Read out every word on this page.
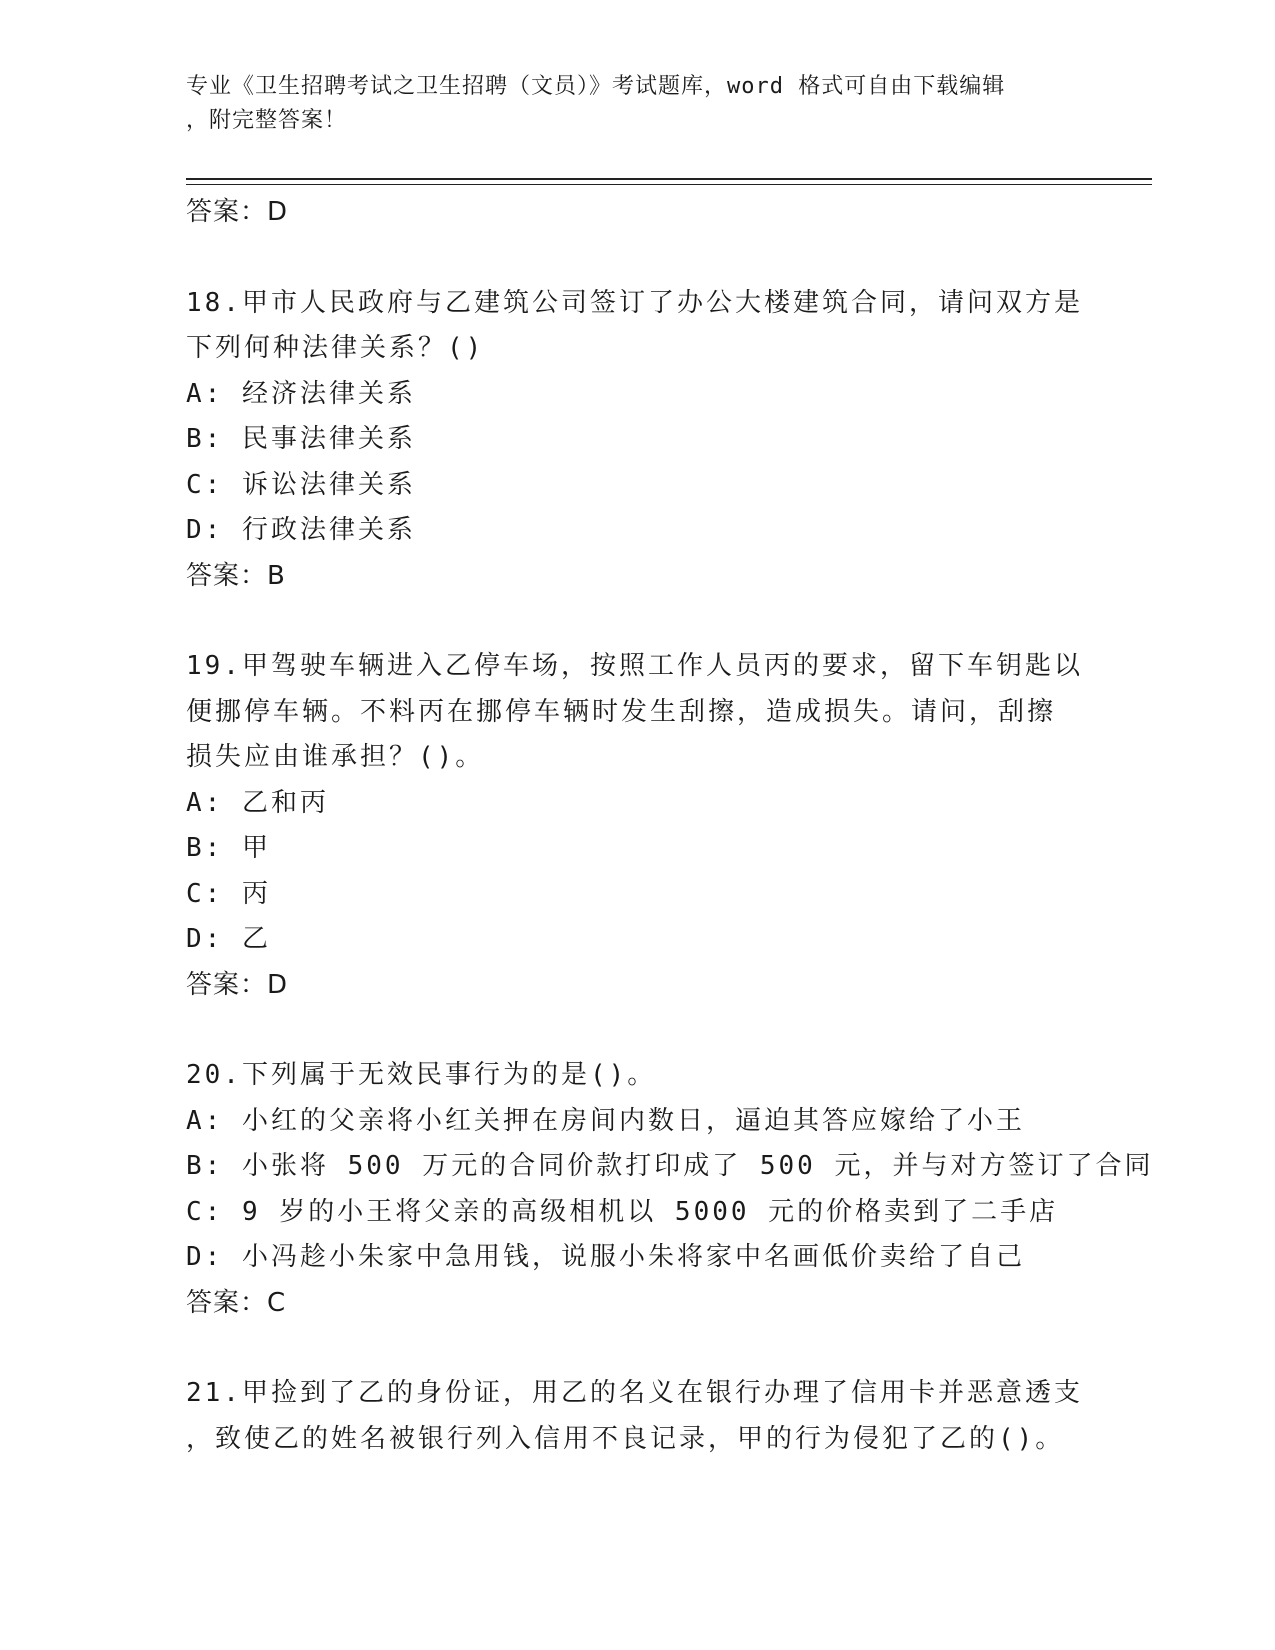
专业《卫生招聘考试之卫生招聘（文员）》考试题库，word 格式可自由下载编辑
，附完整答案！
答案：D
18.甲市人民政府与乙建筑公司签订了办公大楼建筑合同，请问双方是
下列何种法律关系？()
A: 经济法律关系
B: 民事法律关系
C: 诉讼法律关系
D: 行政法律关系
答案：B
19.甲驾驶车辆进入乙停车场，按照工作人员丙的要求，留下车钥匙以
便挪停车辆。不料丙在挪停车辆时发生刮擦，造成损失。请问，刮擦
损失应由谁承担？()。
A: 乙和丙
B: 甲
C: 丙
D: 乙
答案：D
20.下列属于无效民事行为的是()。
A: 小红的父亲将小红关押在房间内数日，逼迫其答应嫁给了小王
B: 小张将 500 万元的合同价款打印成了 500 元，并与对方签订了合同
C: 9 岁的小王将父亲的高级相机以 5000 元的价格卖到了二手店
D: 小冯趁小朱家中急用钱，说服小朱将家中名画低价卖给了自己
答案：C
21.甲捡到了乙的身份证，用乙的名义在银行办理了信用卡并恶意透支
，致使乙的姓名被银行列入信用不良记录，甲的行为侵犯了乙的()。
